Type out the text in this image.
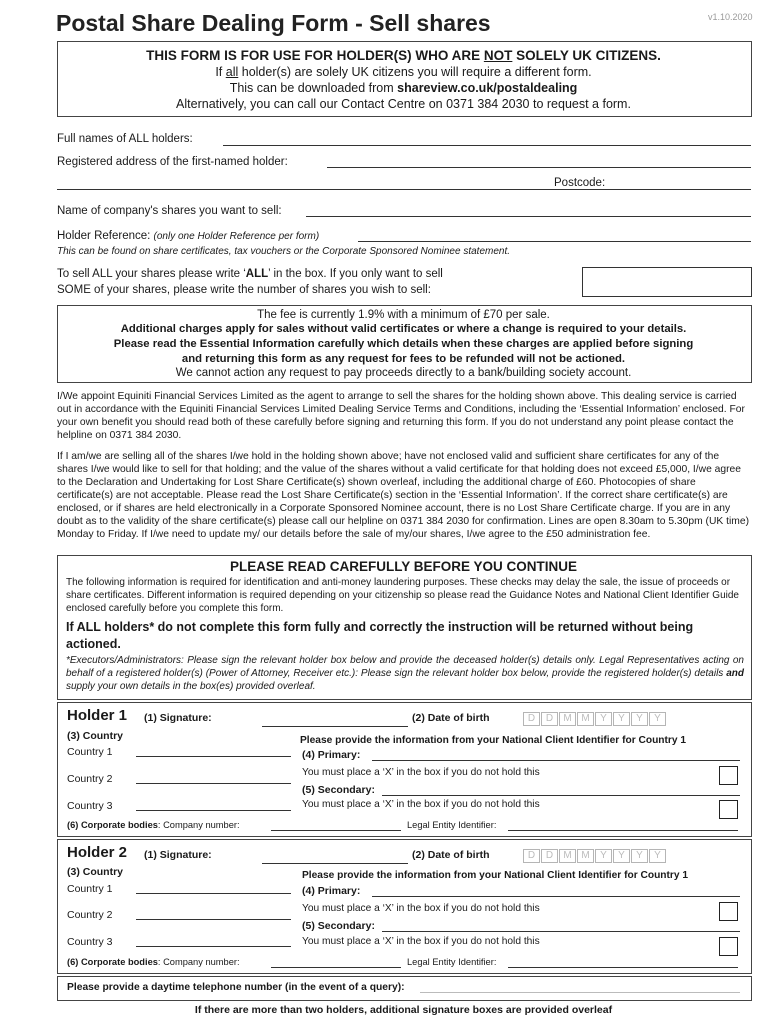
v1.10.2020
Postal Share Dealing Form - Sell shares
THIS FORM IS FOR USE FOR HOLDER(S) WHO ARE NOT SOLELY UK CITIZENS.
If all holder(s) are solely UK citizens you will require a different form.
This can be downloaded from shareview.co.uk/postaldealing
Alternatively, you can call our Contact Centre on 0371 384 2030 to request a form.
Full names of ALL holders:
Registered address of the first-named holder:
Postcode:
Name of company's shares you want to sell:
Holder Reference: (only one Holder Reference per form)
This can be found on share certificates, tax vouchers or the Corporate Sponsored Nominee statement.
To sell ALL your shares please write ‘ALL’ in the box. If you only want to sell
SOME of your shares, please write the number of shares you wish to sell:
The fee is currently 1.9% with a minimum of £70 per sale.
Additional charges apply for sales without valid certificates or where a change is required to your details.
Please read the Essential Information carefully which details when these charges are applied before signing
and returning this form as any request for fees to be refunded will not be actioned.
We cannot action any request to pay proceeds directly to a bank/building society account.
I/We appoint Equiniti Financial Services Limited as the agent to arrange to sell the shares for the holding shown above. This dealing service is carried out in accordance with the Equiniti Financial Services Limited Dealing Service Terms and Conditions, including the ‘Essential Information’ enclosed. For your own benefit you should read both of these carefully before signing and returning this form. If you do not understand any point please contact the helpline on 0371 384 2030.
If I am/we are selling all of the shares I/we hold in the holding shown above; have not enclosed valid and sufficient share certificates for any of the shares I/we would like to sell for that holding; and the value of the shares without a valid certificate for that holding does not exceed £5,000, I/we agree to the Declaration and Undertaking for Lost Share Certificate(s) shown overleaf, including the additional charge of £60. Photocopies of share certificate(s) are not acceptable. Please read the Lost Share Certificate(s) section in the ‘Essential Information’. If the correct share certificate(s) are enclosed, or if shares are held electronically in a Corporate Sponsored Nominee account, there is no Lost Share Certificate charge. If you are in any doubt as to the validity of the share certificate(s) please call our helpline on 0371 384 2030 for confirmation. Lines are open 8.30am to 5.30pm (UK time) Monday to Friday. If I/we need to update my/ our details before the sale of my/our shares, I/we agree to the £50 administration fee.
PLEASE READ CAREFULLY BEFORE YOU CONTINUE
The following information is required for identification and anti-money laundering purposes. These checks may delay the sale, the issue of proceeds or share certificates. Different information is required depending on your citizenship so please read the Guidance Notes and National Client Identifier Guide enclosed carefully before you complete this form.
If ALL holders* do not complete this form fully and correctly the instruction will be returned without being actioned.
*Executors/Administrators: Please sign the relevant holder box below and provide the deceased holder(s) details only. Legal Representatives acting on behalf of a registered holder(s) (Power of Attorney, Receiver etc.): Please sign the relevant holder box below, provide the registered holder(s) details and supply your own details in the box(es) provided overleaf.
Holder 1 (1) Signature:	(2) Date of birth	D D M M Y Y Y Y
(3) Country
Country 1
Country 2
Country 3
Please provide the information from your National Client Identifier for Country 1
(4) Primary:
You must place a ‘X’ in the box if you do not hold this
(5) Secondary:
You must place a ‘X’ in the box if you do not hold this
(6) Corporate bodies: Company number:	Legal Entity Identifier:
Holder 2 (1) Signature:	(2) Date of birth	D D M M Y Y Y Y
(3) Country
Country 1
Country 2
Country 3
Please provide the information from your National Client Identifier for Country 1
(4) Primary:
You must place a ‘X’ in the box if you do not hold this
(5) Secondary:
You must place a ‘X’ in the box if you do not hold this
(6) Corporate bodies: Company number:	Legal Entity Identifier:
Please provide a daytime telephone number (in the event of a query):
If there are more than two holders, additional signature boxes are provided overleaf
